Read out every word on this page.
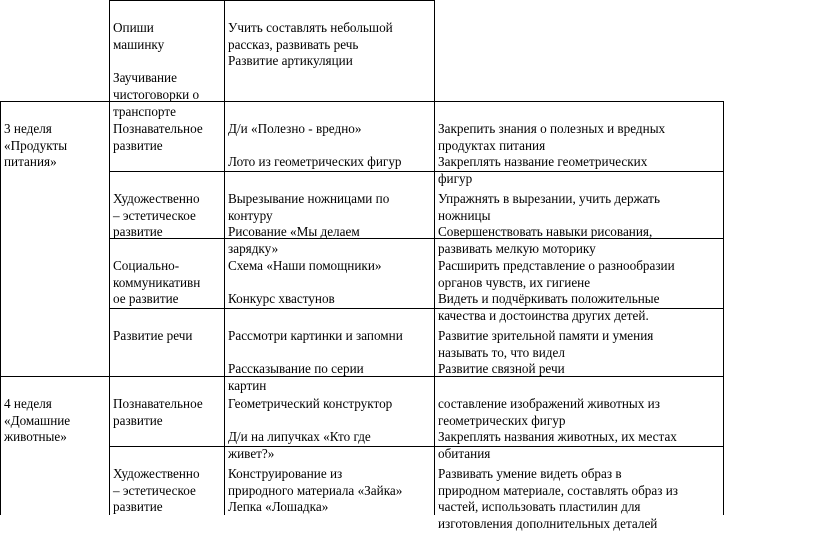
Опиши
машинку
Заучивание
чистоговорки о
транспорте

Учить составлять небольшой
рассказ, развивать речь
Развитие артикуляции

3 неделя
«Продукты
питания»

Познавательное
развитие

Д/и «Полезно - вредно»
Лото из геометрических фигур

Закрепить знания о полезных и вредных
продуктах питания
Закреплять название геометрических
фигур

Художественно
– эстетическое
развитие

Вырезывание ножницами по
контуру
Рисование «Мы делаем
зарядку»

Упражнять в вырезании, учить держать
ножницы
Совершенствовать навыки рисования,
развивать мелкую моторику

Социально-
коммуникативн
ое развитие

Схема «Наши помощники»
Конкурс хвастунов

Расширить представление о разнообразии
органов чувств, их гигиене
Видеть и подчёркивать положительные
качества и достоинства других детей.

Развитие речи	Рассмотри картинки и запомни
Рассказывание по серии
картин

Развитие зрительной памяти и умения
называть то, что видел
Развитие связной речи

4 неделя
«Домашние
животные»

Познавательное
развитие

Геометрический конструктор
Д/и на липучках «Кто где
живет?»

составление изображений животных из
геометрических фигур
Закреплять названия животных, их местах
обитания

Художественно
– эстетическое
развитие

Конструирование из
природного материала «Зайка»
Лепка «Лошадка»

Развивать умение видеть образ в
природном материале, составлять образ из
частей, использовать пластилин для
изготовления дополнительных деталей
